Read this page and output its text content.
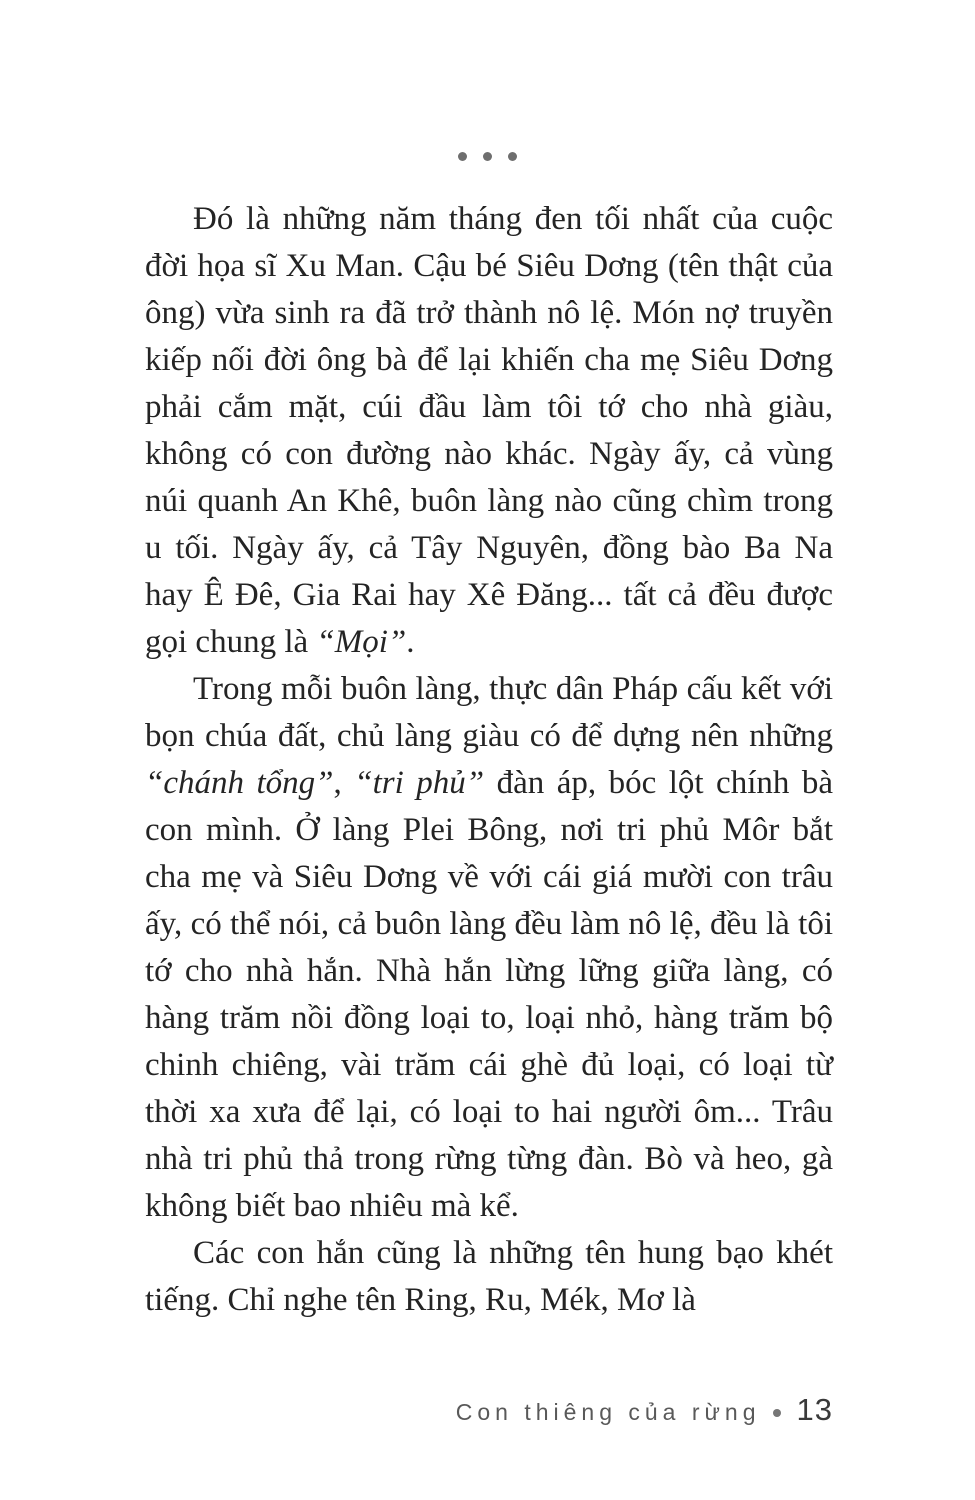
Đó là những năm tháng đen tối nhất của cuộc đời họa sĩ Xu Man. Cậu bé Siêu Dơng (tên thật của ông) vừa sinh ra đã trở thành nô lệ. Món nợ truyền kiếp nối đời ông bà để lại khiến cha mẹ Siêu Dơng phải cắm mặt, cúi đầu làm tôi tớ cho nhà giàu, không có con đường nào khác. Ngày ấy, cả vùng núi quanh An Khê, buôn làng nào cũng chìm trong u tối. Ngày ấy, cả Tây Nguyên, đồng bào Ba Na hay Ê Đê, Gia Rai hay Xê Đăng... tất cả đều được gọi chung là “Mọi”.

Trong mỗi buôn làng, thực dân Pháp cấu kết với bọn chúa đất, chủ làng giàu có để dựng nên những “chánh tổng”, “tri phủ” đàn áp, bóc lột chính bà con mình. Ở làng Plei Bông, nơi tri phủ Môr bắt cha mẹ và Siêu Dơng về với cái giá mười con trâu ấy, có thể nói, cả buôn làng đều làm nô lệ, đều là tôi tớ cho nhà hắn. Nhà hắn lừng lững giữa làng, có hàng trăm nồi đồng loại to, loại nhỏ, hàng trăm bộ chinh chiêng, vài trăm cái ghè đủ loại, có loại từ thời xa xưa để lại, có loại to hai người ôm... Trâu nhà tri phủ thả trong rừng từng đàn. Bò và heo, gà không biết bao nhiêu mà kể.

Các con hắn cũng là những tên hung bạo khét tiếng. Chỉ nghe tên Ring, Ru, Mék, Mơ là

Con thiêng của rừng 13
